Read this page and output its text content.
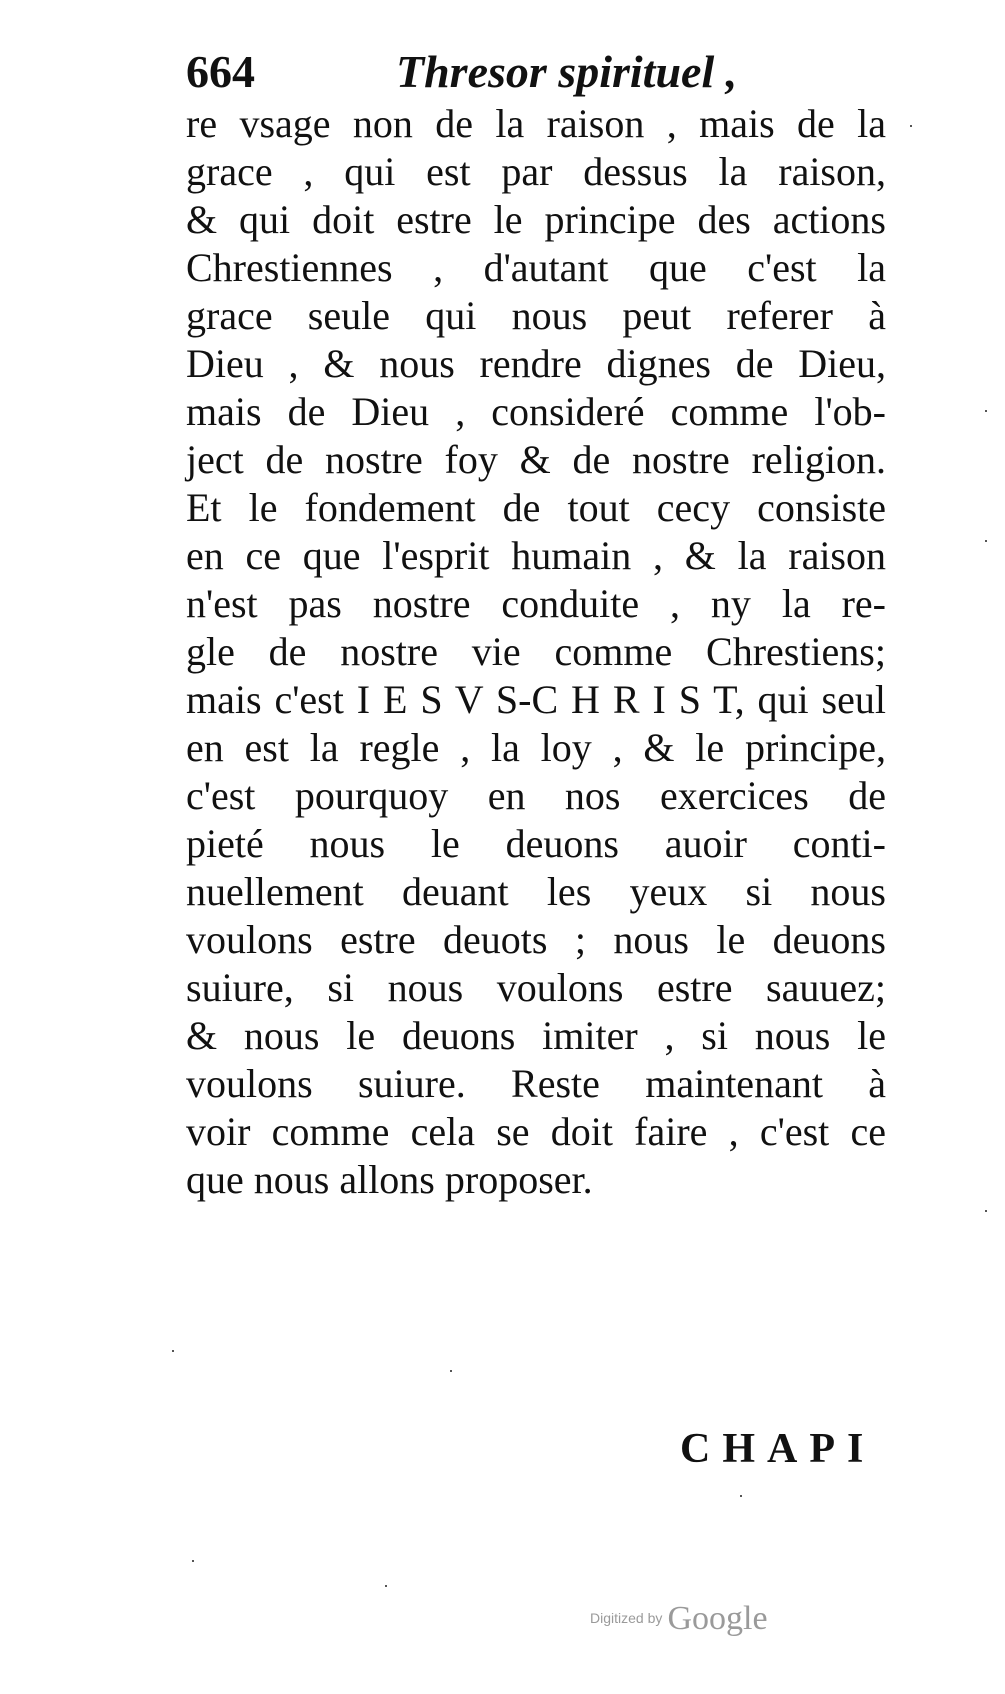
664	Thresor spirituel ,
re vsage non de la raison , mais de la
grace , qui est par dessus la raison,
& qui doit estre le principe des actions
Chrestiennes , d'autant que c'est la
grace seule qui nous peut referer à
Dieu , & nous rendre dignes de Dieu,
mais de Dieu , consideré comme l'ob-
ject de nostre foy & de nostre religion.
Et le fondement de tout cecy consiste
en ce que l'esprit humain , & la raison
n'est pas nostre conduite , ny la re-
gle de nostre vie comme Chrestiens;
mais c'est I E S V S-C H R I S T, qui seul
en est la regle , la loy , & le principe,
c'est pourquoy en nos exercices de
pieté nous le deuons auoir conti-
nuellement deuant les yeux si nous
voulons estre deuots ; nous le deuons
suiure, si nous voulons estre sauuez;
& nous le deuons imiter , si nous le
voulons suiure. Reste maintenant à
voir comme cela se doit faire , c'est ce
que nous allons proposer.
CHAPI
Digitized by Google
